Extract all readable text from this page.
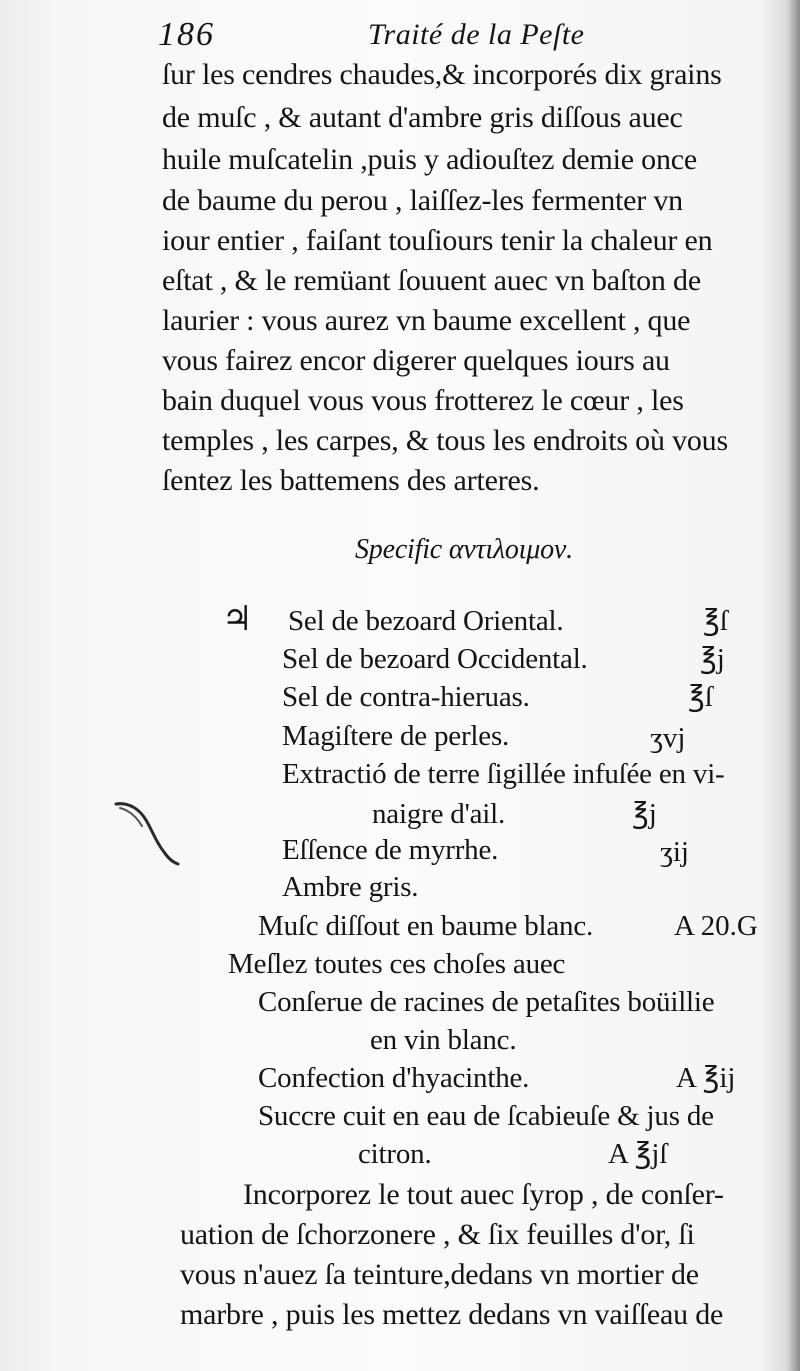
186	Traité de la Peſte
ſur les cendres chaudes,& incorporés dix grains
de muſc , & autant d'ambre gris diſſous auec
huile muſcatelin ,puis y adiouſtez demie once
de baume du perou , laiſſez-les fermenter vn
iour entier , faiſant touſiours tenir la chaleur en
eſtat , & le remüant ſouuent auec vn baſton de
laurier : vous aurez vn baume excellent , que
vous fairez encor digerer quelques iours au
bain duquel vous vous frotterez le cœur , les
temples , les carpes, & tous les endroits où vous
ſentez les battemens des arteres.
Specific αντιλοιμον.
♃ Sel de bezoard Oriental.	℥ſ
Sel de bezoard Occidental.	℥j
Sel de contra-hieruas.	℥ſ
Magiſtere de perles.	ʒvj
Extractió de terre ſigillée infuſée en vi-
naigre d'ail.	℥j
Eſſence de myrrhe.	ʒij
Ambre gris.
Muſc diſſout en baume blanc.	A 20.G
Meſlez toutes ces choſes auec
Conſerue de racines de petaſites boüillie
en vin blanc.
Confection d'hyacinthe.	A ℥ij
Succre cuit en eau de ſcabieuſe & jus de
citron.	A ℥jſ
Incorporez le tout auec ſyrop , de conſer-
uation de ſchorzonere , & ſix feuilles d'or, ſi
vous n'auez ſa teinture,dedans vn mortier de
marbre , puis les mettez dedans vn vaiſſeau de
